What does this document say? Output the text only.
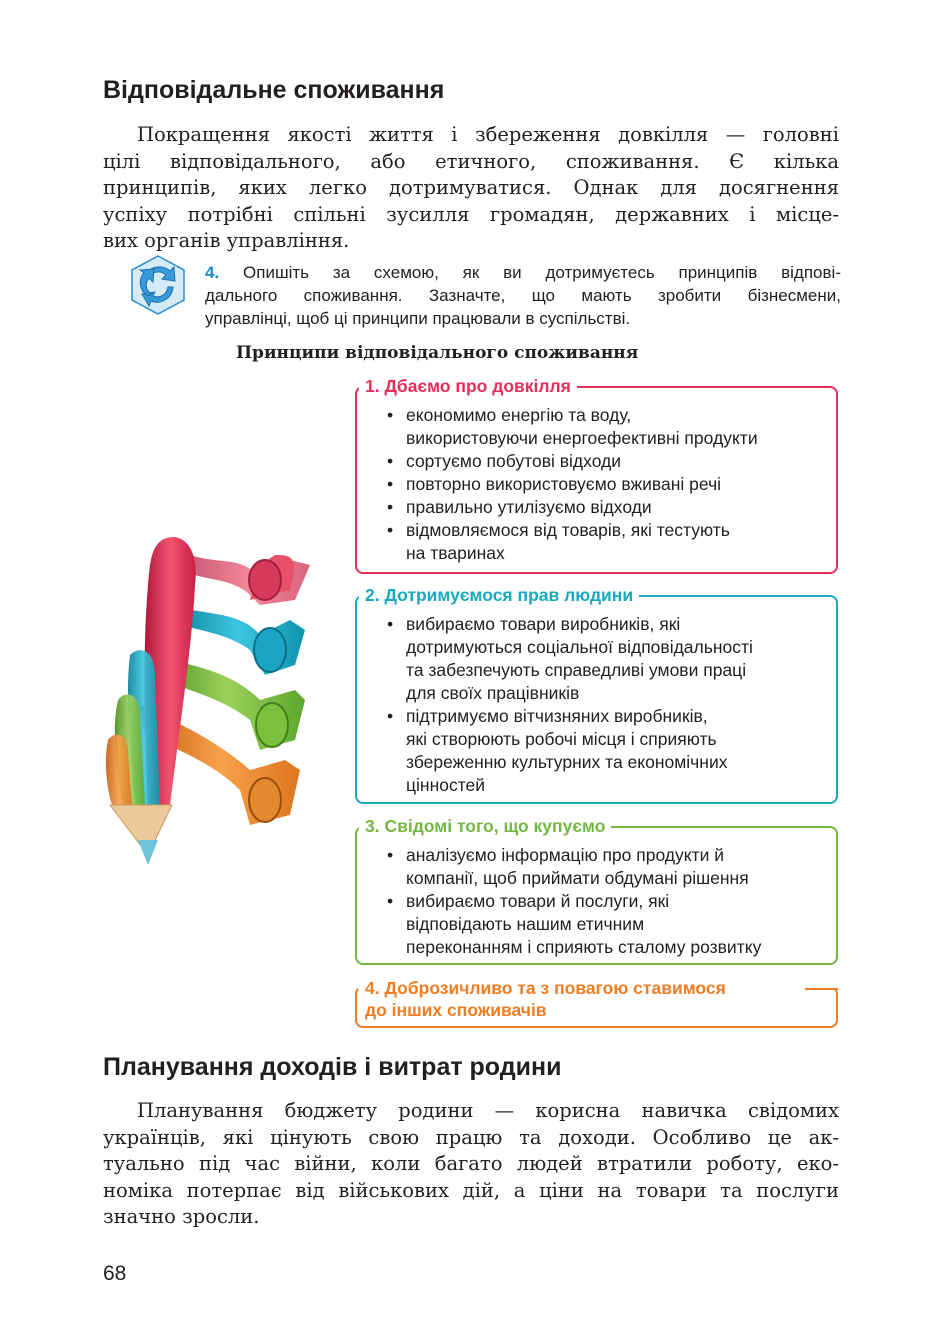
Відповідальне споживання

Покращення якості життя і збереження довкілля — головні
цілі відповідального, або етичного, споживання. Є кілька
принципів, яких легко дотримуватися. Однак для досягнення
успіху потрібні спільні зусилля громадян, державних і місце-
вих органів управління.

4. Опишіть за схемою, як ви дотримуєтесь принципів відпові-
дального споживання. Зазначте, що мають зробити бізнесмени,
управлінці, щоб ці принципи працювали в суспільстві.
Принципи відповідального споживання
1. Дбаємо про довкілля
• економимо енергію та воду,
використовуючи енергоефективні продукти
• сортуємо побутові відходи
• повторно використовуємо вживані речі
• правильно утилізуємо відходи
• відмовляємося від товарів, які тестують
на тваринах
2. Дотримуємося прав людини
• вибираємо товари виробників, які
дотримуються соціальної відповідальності
та забезпечують справедливі умови праці
для своїх працівників
• підтримуємо вітчизняних виробників,
які створюють робочі місця і сприяють
збереженню культурних та економічних
цінностей
3. Свідомі того, що купуємо
• аналізуємо інформацію про продукти й
компанії, щоб приймати обдумані рішення
• вибираємо товари й послуги, які
відповідають нашим етичним
переконанням і сприяють сталому розвитку
4. Доброзичливо та з повагою ставимося
до інших споживачів
Планування доходів і витрат родини

Планування бюджету родини — корисна навичка свідомих
українців, які цінують свою працю та доходи. Особливо це ак-
туально під час війни, коли багато людей втратили роботу, еко-
номіка потерпає від військових дій, а ціни на товари та послуги
значно зросли.

68
